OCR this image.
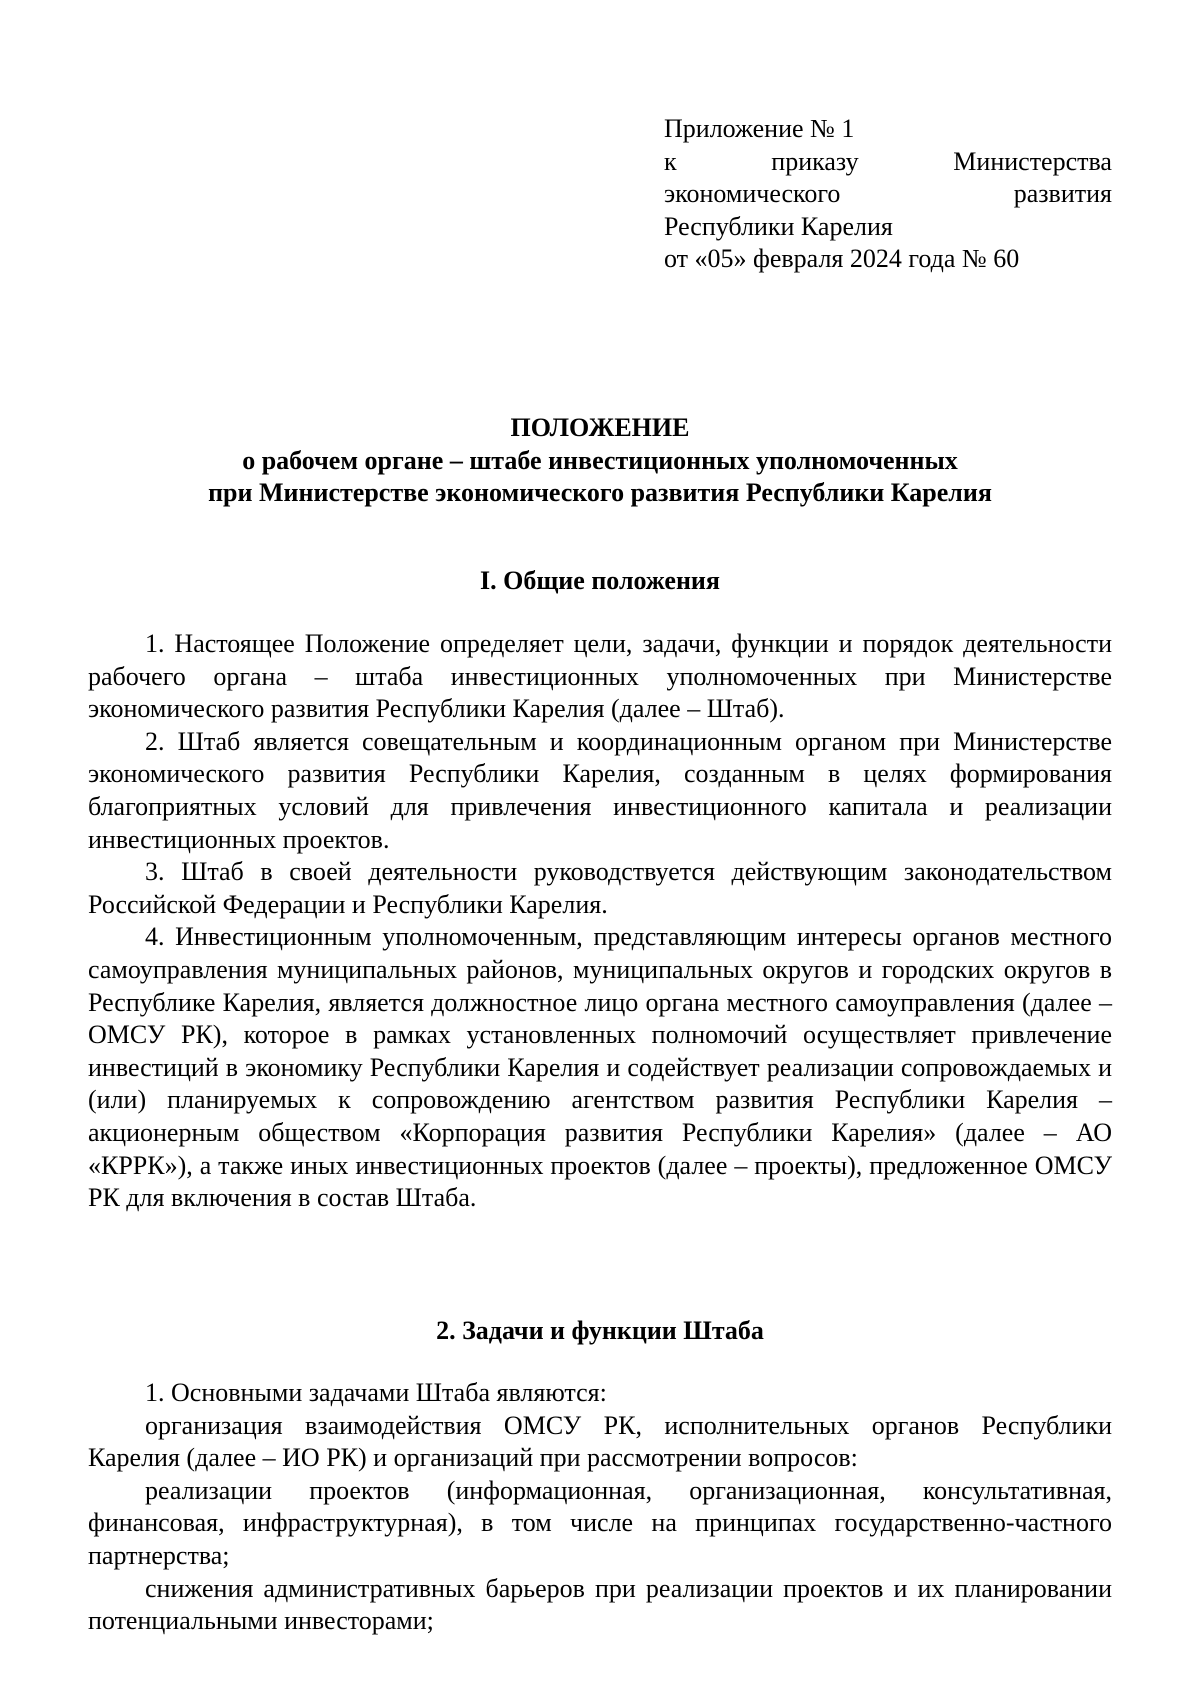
Приложение № 1
к	приказу	Министерства
экономического	развития
Республики Карелия
от «05» февраля 2024 года № 60
ПОЛОЖЕНИЕ
о рабочем органе – штабе инвестиционных уполномоченных
при Министерстве экономического развития Республики Карелия
I. Общие положения

1. Настоящее Положение определяет цели, задачи, функции и порядок деятельности рабочего органа – штаба инвестиционных уполномоченных при Министерстве экономического развития Республики Карелия (далее – Штаб).

2. Штаб является совещательным и координационным органом при Министерстве экономического развития Республики Карелия, созданным в целях формирования благоприятных условий для привлечения инвестиционного капитала и реализации инвестиционных проектов.

3. Штаб в своей деятельности руководствуется действующим законодательством Российской Федерации и Республики Карелия.

4. Инвестиционным уполномоченным, представляющим интересы органов местного самоуправления муниципальных районов, муниципальных округов и городских округов в Республике Карелия, является должностное лицо органа местного самоуправления (далее – ОМСУ РК), которое в рамках установленных полномочий осуществляет привлечение инвестиций в экономику Республики Карелия и содействует реализации сопровождаемых и (или) планируемых к сопровождению агентством развития Республики Карелия – акционерным обществом «Корпорация развития Республики Карелия» (далее – АО «КРРК»), а также иных инвестиционных проектов (далее – проекты), предложенное ОМСУ РК для включения в состав Штаба.

2. Задачи и функции Штаба

1. Основными задачами Штаба являются:

организация взаимодействия ОМСУ РК, исполнительных органов Республики Карелия (далее – ИО РК) и организаций при рассмотрении вопросов:

реализации проектов (информационная, организационная, консультативная, финансовая, инфраструктурная), в том числе на принципах государственно-частного партнерства;

снижения административных барьеров при реализации проектов и их планировании потенциальными инвесторами;
